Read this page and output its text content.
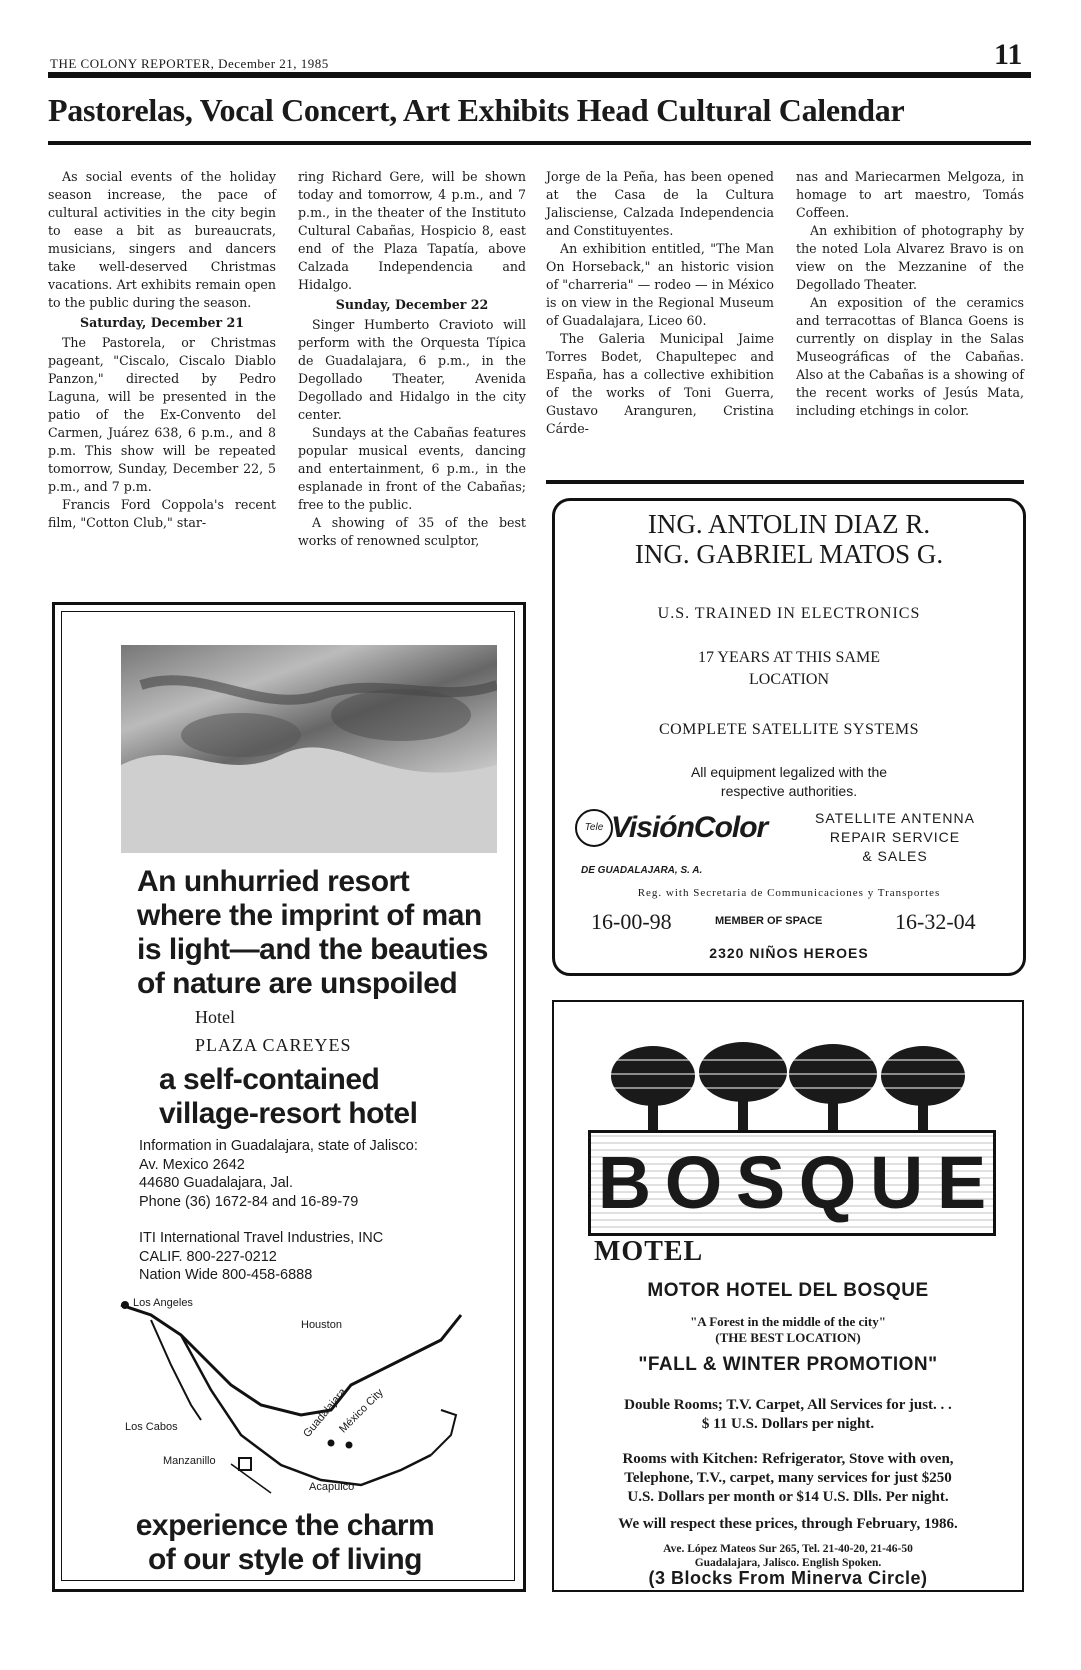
THE COLONY REPORTER, December 21, 1985	11
Pastorelas, Vocal Concert, Art Exhibits Head Cultural Calendar

As social events of the holiday season increase, the pace of cultural activities in the city begin to ease a bit as bureaucrats, musicians, singers and dancers take well-deserved Christmas vacations. Art exhibits remain open to the public during the season.

Saturday, December 21

The Pastorela, or Christmas pageant, "Ciscalo, Ciscalo Diablo Panzon," directed by Pedro Laguna, will be presented in the patio of the Ex-Convento del Carmen, Juárez 638, 6 p.m., and 8 p.m. This show will be repeated tomorrow, Sunday, December 22, 5 p.m., and 7 p.m.

Francis Ford Coppola's recent film, "Cotton Club," star-

ring Richard Gere, will be shown today and tomorrow, 4 p.m., and 7 p.m., in the theater of the Instituto Cultural Cabañas, Hospicio 8, east end of the Plaza Tapatía, above Calzada Independencia and Hidalgo.

Sunday, December 22

Singer Humberto Cravioto will perform with the Orquesta Típica de Guadalajara, 6 p.m., in the Degollado Theater, Avenida Degollado and Hidalgo in the city center.

Sundays at the Cabañas features popular musical events, dancing and entertainment, 6 p.m., in the esplanade in front of the Cabañas; free to the public.

A showing of 35 of the best works of renowned sculptor,

Jorge de la Peña, has been opened at the Casa de la Cultura Jalisciense, Calzada Independencia and Constituyentes.

An exhibition entitled, "The Man On Horseback," an historic vision of "charreria" — rodeo — in México is on view in the Regional Museum of Guadalajara, Liceo 60.

The Galeria Municipal Jaime Torres Bodet, Chapultepec and España, has a collective exhibition of the works of Toni Guerra, Gustavo Aranguren, Cristina Cárde-

nas and Mariecarmen Melgoza, in homage to art maestro, Tomás Coffeen.

An exhibition of photography by the noted Lola Alvarez Bravo is on view on the Mezzanine of the Degollado Theater.

An exposition of the ceramics and terracottas of Blanca Goens is currently on display in the Salas Museográficas of the Cabañas. Also at the Cabañas is a showing of the recent works of Jesús Mata, including etchings in color.

An unhurried resort
where the imprint of man
is light—and the beauties
of nature are unspoiled
Hotel
PLAZA CAREYES
a self-contained
village-resort hotel
Information in Guadalajara, state of Jalisco:
Av. Mexico 2642
44680 Guadalajara, Jal.
Phone (36) 1672-84 and 16-89-79
ITI International Travel Industries, INC
CALIF. 800-227-0212
Nation Wide 800-458-6888
Los Angeles
Houston
Guadalajara
México City
Los Cabos
Manzanillo
Acapulco
experience the charm
of our style of living
ING. ANTOLIN DIAZ R.
ING. GABRIEL MATOS G.
U.S. TRAINED IN ELECTRONICS
17 YEARS AT THIS SAME
LOCATION
COMPLETE SATELLITE SYSTEMS
All equipment legalized with the
respective authorities.
Tele VisiónColor
DE GUADALAJARA, S. A.
SATELLITE ANTENNA
REPAIR SERVICE
& SALES
Reg. with Secretaria de Communicaciones y Transportes
16-00-98	MEMBER OF SPACE	16-32-04
2320 NIÑOS HEROES
B O S Q U E
MOTEL
MOTOR HOTEL DEL BOSQUE
"A Forest in the middle of the city"
(THE BEST LOCATION)
"FALL & WINTER PROMOTION"
Double Rooms; T.V. Carpet, All Services for just. . .
$ 11 U.S. Dollars per night.
Rooms with Kitchen: Refrigerator, Stove with oven,
Telephone, T.V., carpet, many services for just $250
U.S. Dollars per month or $14 U.S. Dlls. Per night.
We will respect these prices, through February, 1986.
Ave. López Mateos Sur 265, Tel. 21-40-20, 21-46-50
Guadalajara, Jalisco. English Spoken.
(3 Blocks From Minerva Circle)
